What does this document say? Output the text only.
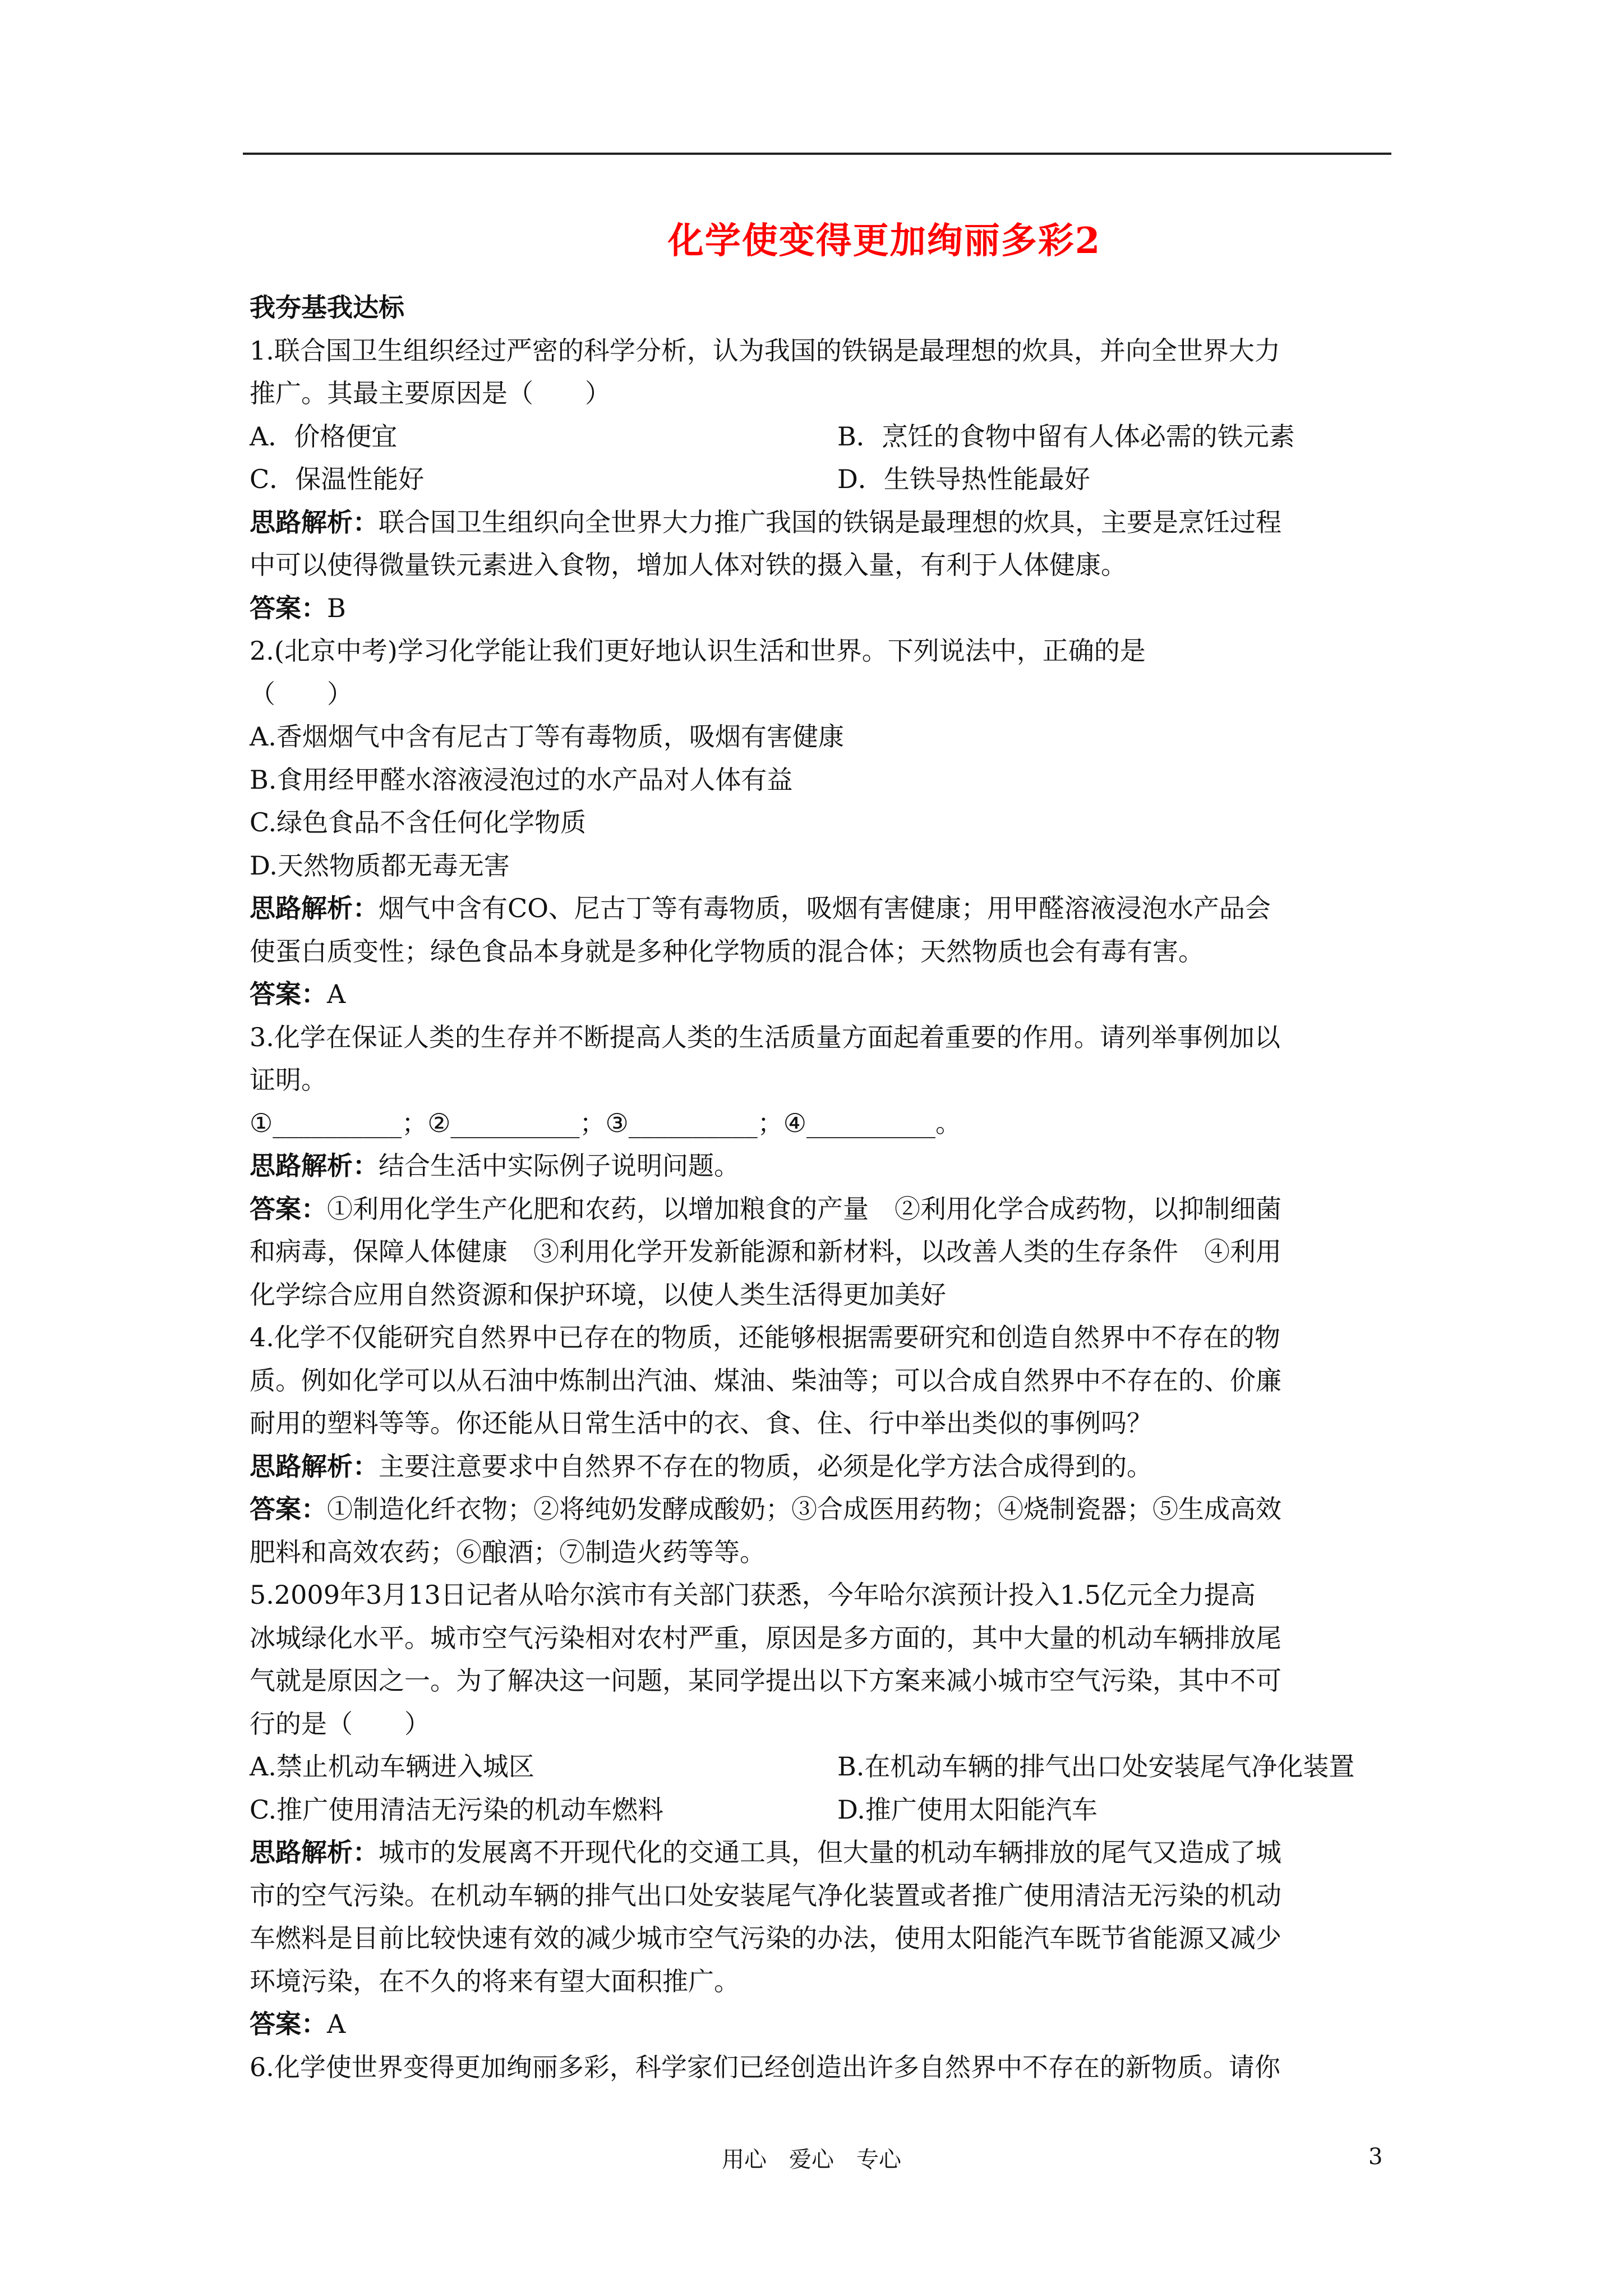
化学使变得更加绚丽多彩2
我夯基我达标
1.联合国卫生组织经过严密的科学分析，认为我国的铁锅是最理想的炊具，并向全世界大力
推广。其最主要原因是（　　）
A．价格便宜	B．烹饪的食物中留有人体必需的铁元素
C．保温性能好	D．生铁导热性能最好
思路解析：联合国卫生组织向全世界大力推广我国的铁锅是最理想的炊具，主要是烹饪过程
中可以使得微量铁元素进入食物，增加人体对铁的摄入量，有利于人体健康。
答案：B
2.(北京中考)学习化学能让我们更好地认识生活和世界。下列说法中，正确的是
（　　）
A.香烟烟气中含有尼古丁等有毒物质，吸烟有害健康
B.食用经甲醛水溶液浸泡过的水产品对人体有益
C.绿色食品不含任何化学物质
D.天然物质都无毒无害
思路解析：烟气中含有CO、尼古丁等有毒物质，吸烟有害健康；用甲醛溶液浸泡水产品会
使蛋白质变性；绿色食品本身就是多种化学物质的混合体；天然物质也会有毒有害。
答案：A
3.化学在保证人类的生存并不断提高人类的生活质量方面起着重要的作用。请列举事例加以
证明。
①__________；②__________；③__________；④__________。
思路解析：结合生活中实际例子说明问题。
答案：①利用化学生产化肥和农药，以增加粮食的产量　②利用化学合成药物，以抑制细菌
和病毒，保障人体健康　③利用化学开发新能源和新材料，以改善人类的生存条件　④利用
化学综合应用自然资源和保护环境，以使人类生活得更加美好
4.化学不仅能研究自然界中已存在的物质，还能够根据需要研究和创造自然界中不存在的物
质。例如化学可以从石油中炼制出汽油、煤油、柴油等；可以合成自然界中不存在的、价廉
耐用的塑料等等。你还能从日常生活中的衣、食、住、行中举出类似的事例吗？
思路解析：主要注意要求中自然界不存在的物质，必须是化学方法合成得到的。
答案：①制造化纤衣物；②将纯奶发酵成酸奶；③合成医用药物；④烧制瓷器；⑤生成高效
肥料和高效农药；⑥酿酒；⑦制造火药等等。
5.2009年3月13日记者从哈尔滨市有关部门获悉，今年哈尔滨预计投入1.5亿元全力提高
冰城绿化水平。城市空气污染相对农村严重，原因是多方面的，其中大量的机动车辆排放尾
气就是原因之一。为了解决这一问题，某同学提出以下方案来减小城市空气污染，其中不可
行的是（　　）
A.禁止机动车辆进入城区	B.在机动车辆的排气出口处安装尾气净化装置
C.推广使用清洁无污染的机动车燃料	D.推广使用太阳能汽车
思路解析：城市的发展离不开现代化的交通工具，但大量的机动车辆排放的尾气又造成了城
市的空气污染。在机动车辆的排气出口处安装尾气净化装置或者推广使用清洁无污染的机动
车燃料是目前比较快速有效的减少城市空气污染的办法，使用太阳能汽车既节省能源又减少
环境污染，在不久的将来有望大面积推广。
答案：A
6.化学使世界变得更加绚丽多彩，科学家们已经创造出许多自然界中不存在的新物质。请你
用心　爱心　专心	3
